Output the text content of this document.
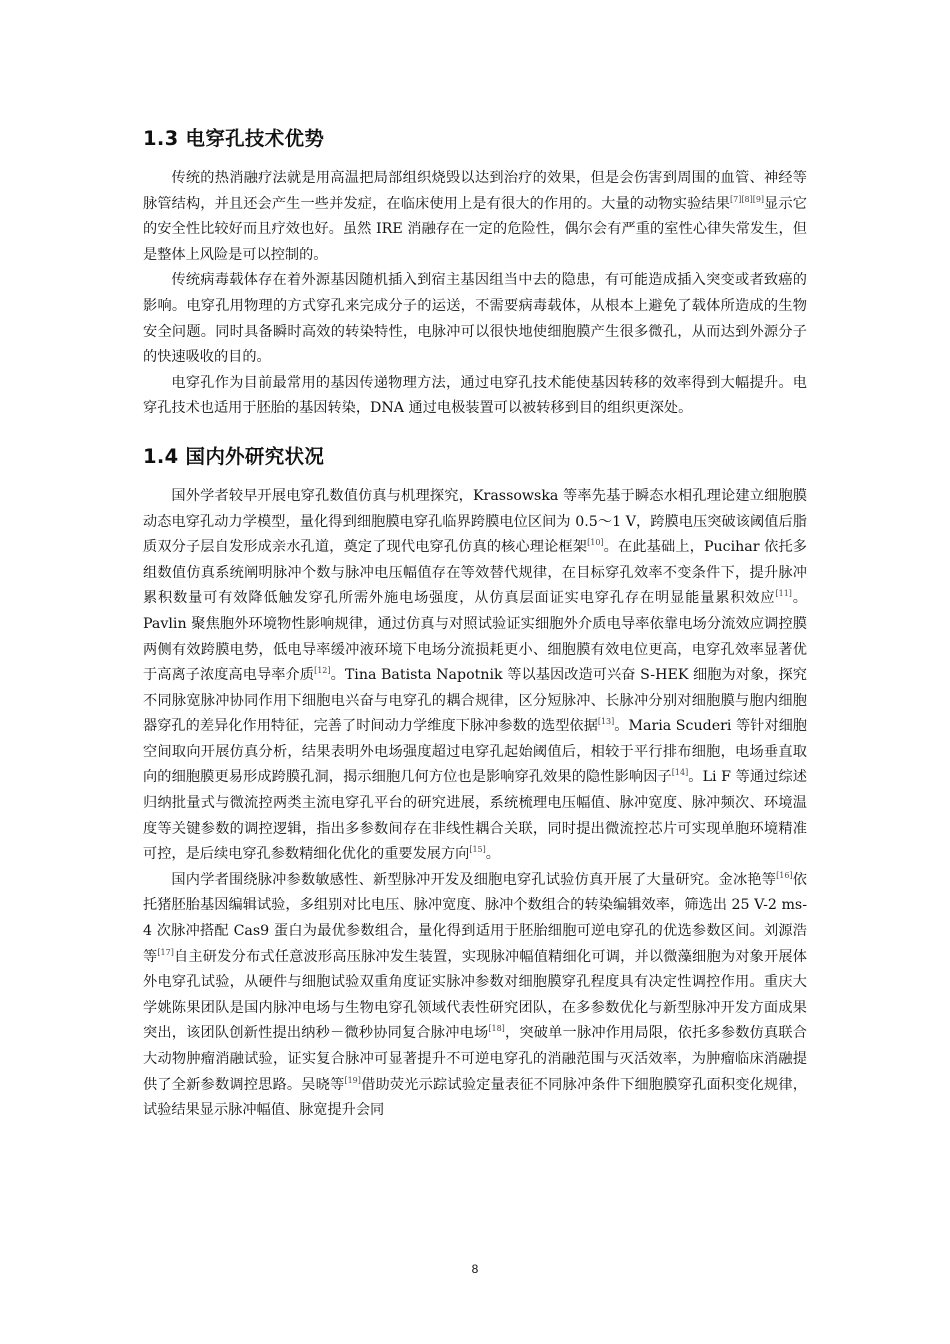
1.3 电穿孔技术优势

传统的热消融疗法就是用高温把局部组织烧毁以达到治疗的效果，但是会伤害到周围的血管、神经等脉管结构，并且还会产生一些并发症，在临床使用上是有很大的作用的。大量的动物实验结果[7][8][9]显示它的安全性比较好而且疗效也好。虽然 IRE 消融存在一定的危险性，偶尔会有严重的室性心律失常发生，但是整体上风险是可以控制的。

传统病毒载体存在着外源基因随机插入到宿主基因组当中去的隐患，有可能造成插入突变或者致癌的影响。电穿孔用物理的方式穿孔来完成分子的运送，不需要病毒载体，从根本上避免了载体所造成的生物安全问题。同时具备瞬时高效的转染特性，电脉冲可以很快地使细胞膜产生很多微孔，从而达到外源分子的快速吸收的目的。

电穿孔作为目前最常用的基因传递物理方法，通过电穿孔技术能使基因转移的效率得到大幅提升。电穿孔技术也适用于胚胎的基因转染，DNA 通过电极装置可以被转移到目的组织更深处。

1.4 国内外研究状况

国外学者较早开展电穿孔数值仿真与机理探究，Krassowska 等率先基于瞬态水相孔理论建立细胞膜动态电穿孔动力学模型，量化得到细胞膜电穿孔临界跨膜电位区间为 0.5～1 V，跨膜电压突破该阈值后脂质双分子层自发形成亲水孔道，奠定了现代电穿孔仿真的核心理论框架[10]。在此基础上，Pucihar 依托多组数值仿真系统阐明脉冲个数与脉冲电压幅值存在等效替代规律，在目标穿孔效率不变条件下，提升脉冲累积数量可有效降低触发穿孔所需外施电场强度，从仿真层面证实电穿孔存在明显能量累积效应[11]。Pavlin 聚焦胞外环境物性影响规律，通过仿真与对照试验证实细胞外介质电导率依靠电场分流效应调控膜两侧有效跨膜电势，低电导率缓冲液环境下电场分流损耗更小、细胞膜有效电位更高，电穿孔效率显著优于高离子浓度高电导率介质[12]。Tina Batista Napotnik 等以基因改造可兴奋 S-HEK 细胞为对象，探究不同脉宽脉冲协同作用下细胞电兴奋与电穿孔的耦合规律，区分短脉冲、长脉冲分别对细胞膜与胞内细胞器穿孔的差异化作用特征，完善了时间动力学维度下脉冲参数的选型依据[13]。Maria Scuderi 等针对细胞空间取向开展仿真分析，结果表明外电场强度超过电穿孔起始阈值后，相较于平行排布细胞，电场垂直取向的细胞膜更易形成跨膜孔洞，揭示细胞几何方位也是影响穿孔效果的隐性影响因子[14]。Li F 等通过综述归纳批量式与微流控两类主流电穿孔平台的研究进展，系统梳理电压幅值、脉冲宽度、脉冲频次、环境温度等关键参数的调控逻辑，指出多参数间存在非线性耦合关联，同时提出微流控芯片可实现单胞环境精准可控，是后续电穿孔参数精细化优化的重要发展方向[15]。

国内学者围绕脉冲参数敏感性、新型脉冲开发及细胞电穿孔试验仿真开展了大量研究。金冰艳等[16]依托猪胚胎基因编辑试验，多组别对比电压、脉冲宽度、脉冲个数组合的转染编辑效率，筛选出 25 V-2 ms-4 次脉冲搭配 Cas9 蛋白为最优参数组合，量化得到适用于胚胎细胞可逆电穿孔的优选参数区间。刘源浩等[17]自主研发分布式任意波形高压脉冲发生装置，实现脉冲幅值精细化可调，并以微藻细胞为对象开展体外电穿孔试验，从硬件与细胞试验双重角度证实脉冲参数对细胞膜穿孔程度具有决定性调控作用。重庆大学姚陈果团队是国内脉冲电场与生物电穿孔领域代表性研究团队，在多参数优化与新型脉冲开发方面成果突出，该团队创新性提出纳秒－微秒协同复合脉冲电场[18]，突破单一脉冲作用局限，依托多参数仿真联合大动物肿瘤消融试验，证实复合脉冲可显著提升不可逆电穿孔的消融范围与灭活效率，为肿瘤临床消融提供了全新参数调控思路。吴晓等[19]借助荧光示踪试验定量表征不同脉冲条件下细胞膜穿孔面积变化规律，试验结果显示脉冲幅值、脉宽提升会同

8
